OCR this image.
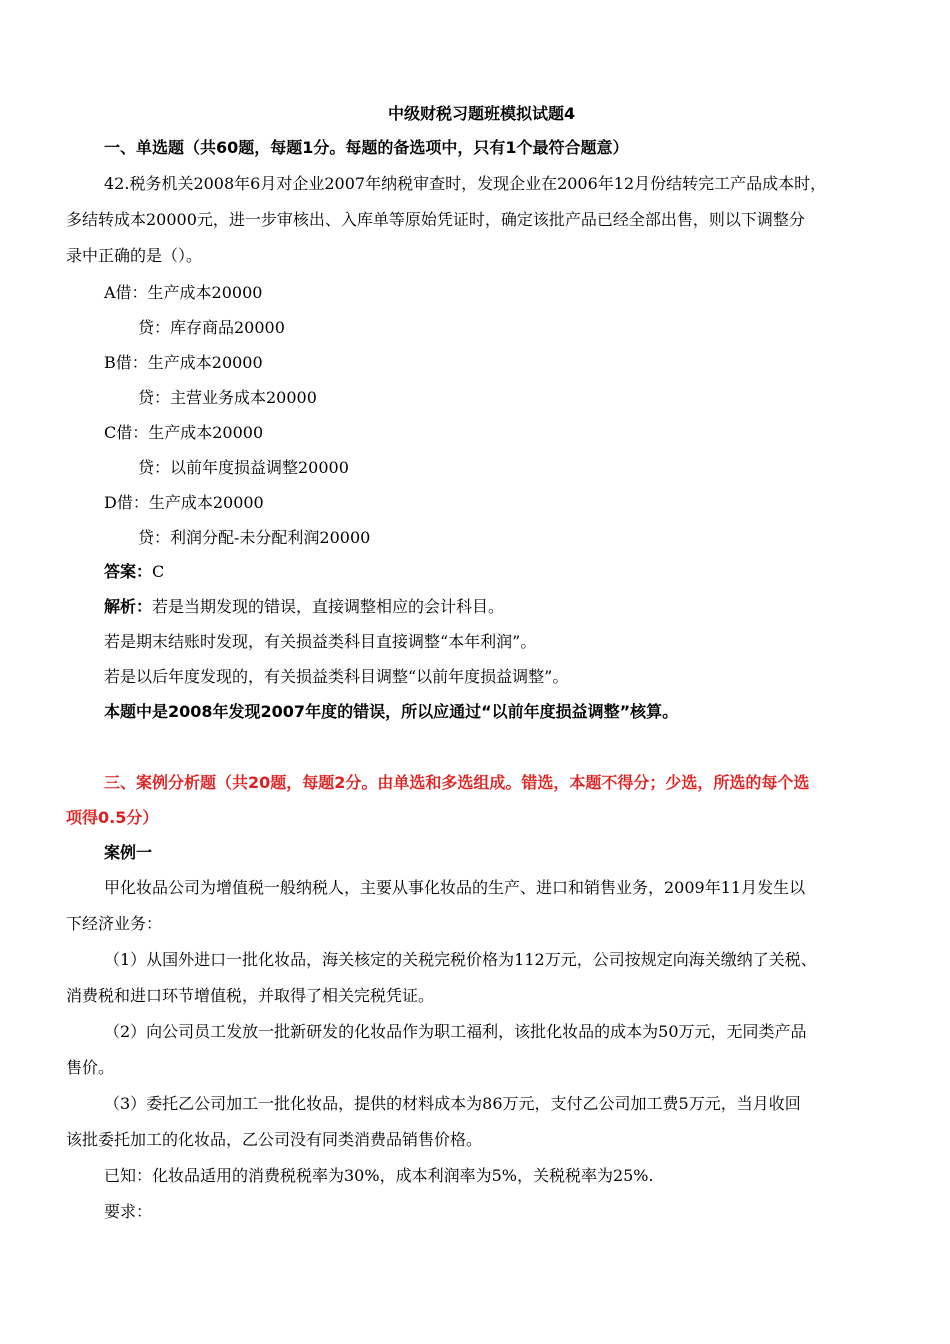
中级财税习题班模拟试题4
一、单选题（共60题，每题1分。每题的备选项中，只有1个最符合题意）
42.税务机关2008年6月对企业2007年纳税审查时，发现企业在2006年12月份结转完工产品成本时，
多结转成本20000元，进一步审核出、入库单等原始凭证时，确定该批产品已经全部出售，则以下调整分
录中正确的是（）。
A借：生产成本20000
贷：库存商品20000
B借：生产成本20000
贷：主营业务成本20000
C借：生产成本20000
贷：以前年度损益调整20000
D借：生产成本20000
贷：利润分配-未分配利润20000
答案：C
解析：若是当期发现的错误，直接调整相应的会计科目。
若是期末结账时发现，有关损益类科目直接调整“本年利润”。
若是以后年度发现的，有关损益类科目调整“以前年度损益调整”。
本题中是2008年发现2007年度的错误，所以应通过“以前年度损益调整”核算。
三、案例分析题（共20题，每题2分。由单选和多选组成。错选，本题不得分；少选，所选的每个选
项得0.5分）
案例一
甲化妆品公司为增值税一般纳税人，主要从事化妆品的生产、进口和销售业务，2009年11月发生以
下经济业务：
（1）从国外进口一批化妆品，海关核定的关税完税价格为112万元，公司按规定向海关缴纳了关税、
消费税和进口环节增值税，并取得了相关完税凭证。
（2）向公司员工发放一批新研发的化妆品作为职工福利，该批化妆品的成本为50万元，无同类产品
售价。
（3）委托乙公司加工一批化妆品，提供的材料成本为86万元，支付乙公司加工费5万元，当月收回
该批委托加工的化妆品，乙公司没有同类消费品销售价格。
已知：化妆品适用的消费税税率为30%，成本利润率为5%，关税税率为25%.
要求：
